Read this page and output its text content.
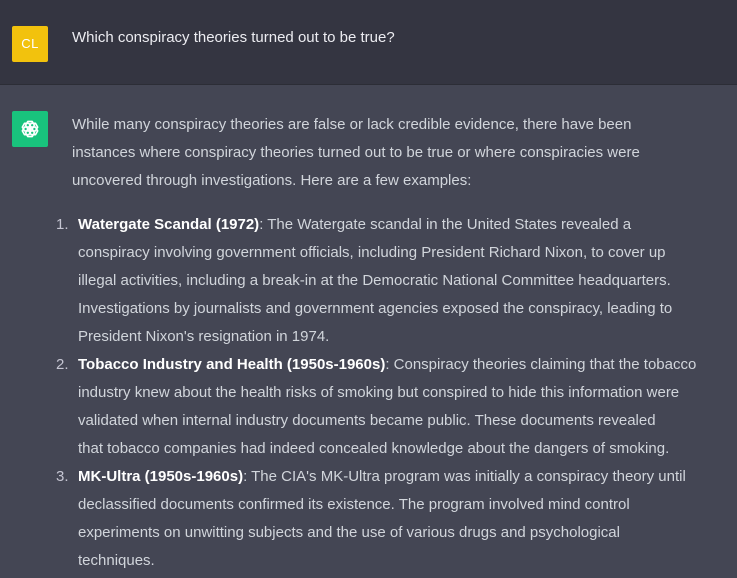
CL	Which conspiracy theories turned out to be true?

While many conspiracy theories are false or lack credible evidence, there have been

instances where conspiracy theories turned out to be true or where conspiracies were

uncovered through investigations. Here are a few examples:

1. Watergate Scandal (1972): The Watergate scandal in the United States revealed a
conspiracy involving government officials, including President Richard Nixon, to cover up
illegal activities, including a break-in at the Democratic National Committee headquarters.
Investigations by journalists and government agencies exposed the conspiracy, leading to
President Nixon's resignation in 1974.
2. Tobacco Industry and Health (1950s-1960s): Conspiracy theories claiming that the tobacco
industry knew about the health risks of smoking but conspired to hide this information were
validated when internal industry documents became public. These documents revealed
that tobacco companies had indeed concealed knowledge about the dangers of smoking.
3. MK-Ultra (1950s-1960s): The CIA's MK-Ultra program was initially a conspiracy theory until
declassified documents confirmed its existence. The program involved mind control
experiments on unwitting subjects and the use of various drugs and psychological
techniques.
